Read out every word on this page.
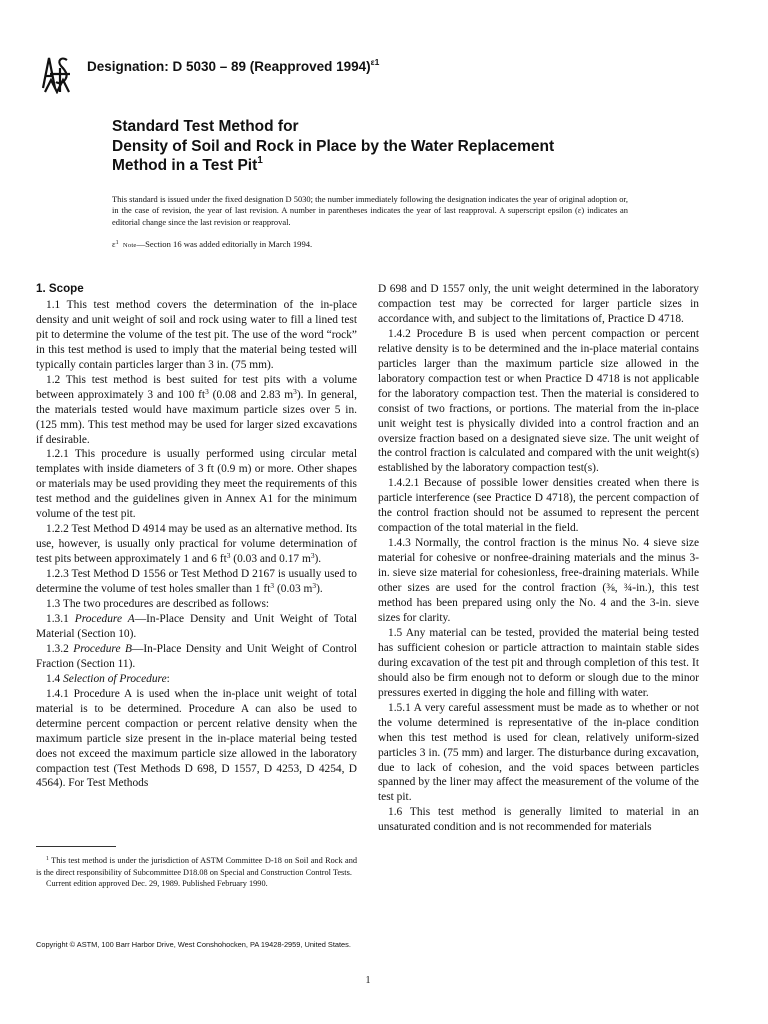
Designation: D 5030 – 89 (Reapproved 1994)$^{\varepsilon 1}$
Standard Test Method for
Density of Soil and Rock in Place by the Water Replacement
Method in a Test Pit$^1$
This standard is issued under the fixed designation D 5030; the number immediately following the designation indicates the year of original adoption or, in the case of revision, the year of last revision. A number in parentheses indicates the year of last reapproval. A superscript epsilon (ε) indicates an editorial change since the last revision or reapproval.
$\varepsilon^1$ Note—Section 16 was added editorially in March 1994.

1. Scope

1.1 This test method covers the determination of the in-place density and unit weight of soil and rock using water to fill a lined test pit to determine the volume of the test pit. The use of the word “rock” in this test method is used to imply that the material being tested will typically contain particles larger than 3 in. (75 mm).

1.2 This test method is best suited for test pits with a volume between approximately 3 and 100 $ft^3$ (0.08 and 2.83 $m^3$). In general, the materials tested would have maximum particle sizes over 5 in. (125 mm). This test method may be used for larger sized excavations if desirable.

1.2.1 This procedure is usually performed using circular metal templates with inside diameters of 3 ft (0.9 m) or more. Other shapes or materials may be used providing they meet the requirements of this test method and the guidelines given in Annex A1 for the minimum volume of the test pit.

1.2.2 Test Method D 4914 may be used as an alternative method. Its use, however, is usually only practical for volume determination of test pits between approximately 1 and 6 $ft^3$ (0.03 and 0.17 $m^3$).

1.2.3 Test Method D 1556 or Test Method D 2167 is usually used to determine the volume of test holes smaller than 1 $ft^3$ (0.03 $m^3$).

1.3 The two procedures are described as follows:

1.3.1 Procedure A—In-Place Density and Unit Weight of Total Material (Section 10).

1.3.2 Procedure B—In-Place Density and Unit Weight of Control Fraction (Section 11).

1.4 Selection of Procedure:

1.4.1 Procedure A is used when the in-place unit weight of total material is to be determined. Procedure A can also be used to determine percent compaction or percent relative density when the maximum particle size present in the in-place material being tested does not exceed the maximum particle size allowed in the laboratory compaction test (Test Methods D 698, D 1557, D 4253, D 4254, D 4564). For Test Methods

D 698 and D 1557 only, the unit weight determined in the laboratory compaction test may be corrected for larger particle sizes in accordance with, and subject to the limitations of, Practice D 4718.

1.4.2 Procedure B is used when percent compaction or percent relative density is to be determined and the in-place material contains particles larger than the maximum particle size allowed in the laboratory compaction test or when Practice D 4718 is not applicable for the laboratory compaction test. Then the material is considered to consist of two fractions, or portions. The material from the in-place unit weight test is physically divided into a control fraction and an oversize fraction based on a designated sieve size. The unit weight of the control fraction is calculated and compared with the unit weight(s) established by the laboratory compaction test(s).

1.4.2.1 Because of possible lower densities created when there is particle interference (see Practice D 4718), the percent compaction of the control fraction should not be assumed to represent the percent compaction of the total material in the field.

1.4.3 Normally, the control fraction is the minus No. 4 sieve size material for cohesive or nonfree-draining materials and the minus 3-in. sieve size material for cohesionless, free-draining materials. While other sizes are used for the control fraction (⅜, ¾-in.), this test method has been prepared using only the No. 4 and the 3-in. sieve sizes for clarity.

1.5 Any material can be tested, provided the material being tested has sufficient cohesion or particle attraction to maintain stable sides during excavation of the test pit and through completion of this test. It should also be firm enough not to deform or slough due to the minor pressures exerted in digging the hole and filling with water.

1.5.1 A very careful assessment must be made as to whether or not the volume determined is representative of the in-place condition when this test method is used for clean, relatively uniform-sized particles 3 in. (75 mm) and larger. The disturbance during excavation, due to lack of cohesion, and the void spaces between particles spanned by the liner may affect the measurement of the volume of the test pit.

1.6 This test method is generally limited to material in an unsaturated condition and is not recommended for materials

$^1$ This test method is under the jurisdiction of ASTM Committee D-18 on Soil and Rock and is the direct responsibility of Subcommittee D18.08 on Special and Construction Control Tests.

Current edition approved Dec. 29, 1989. Published February 1990.

Copyright © ASTM, 100 Barr Harbor Drive, West Conshohocken, PA 19428-2959, United States.
1
